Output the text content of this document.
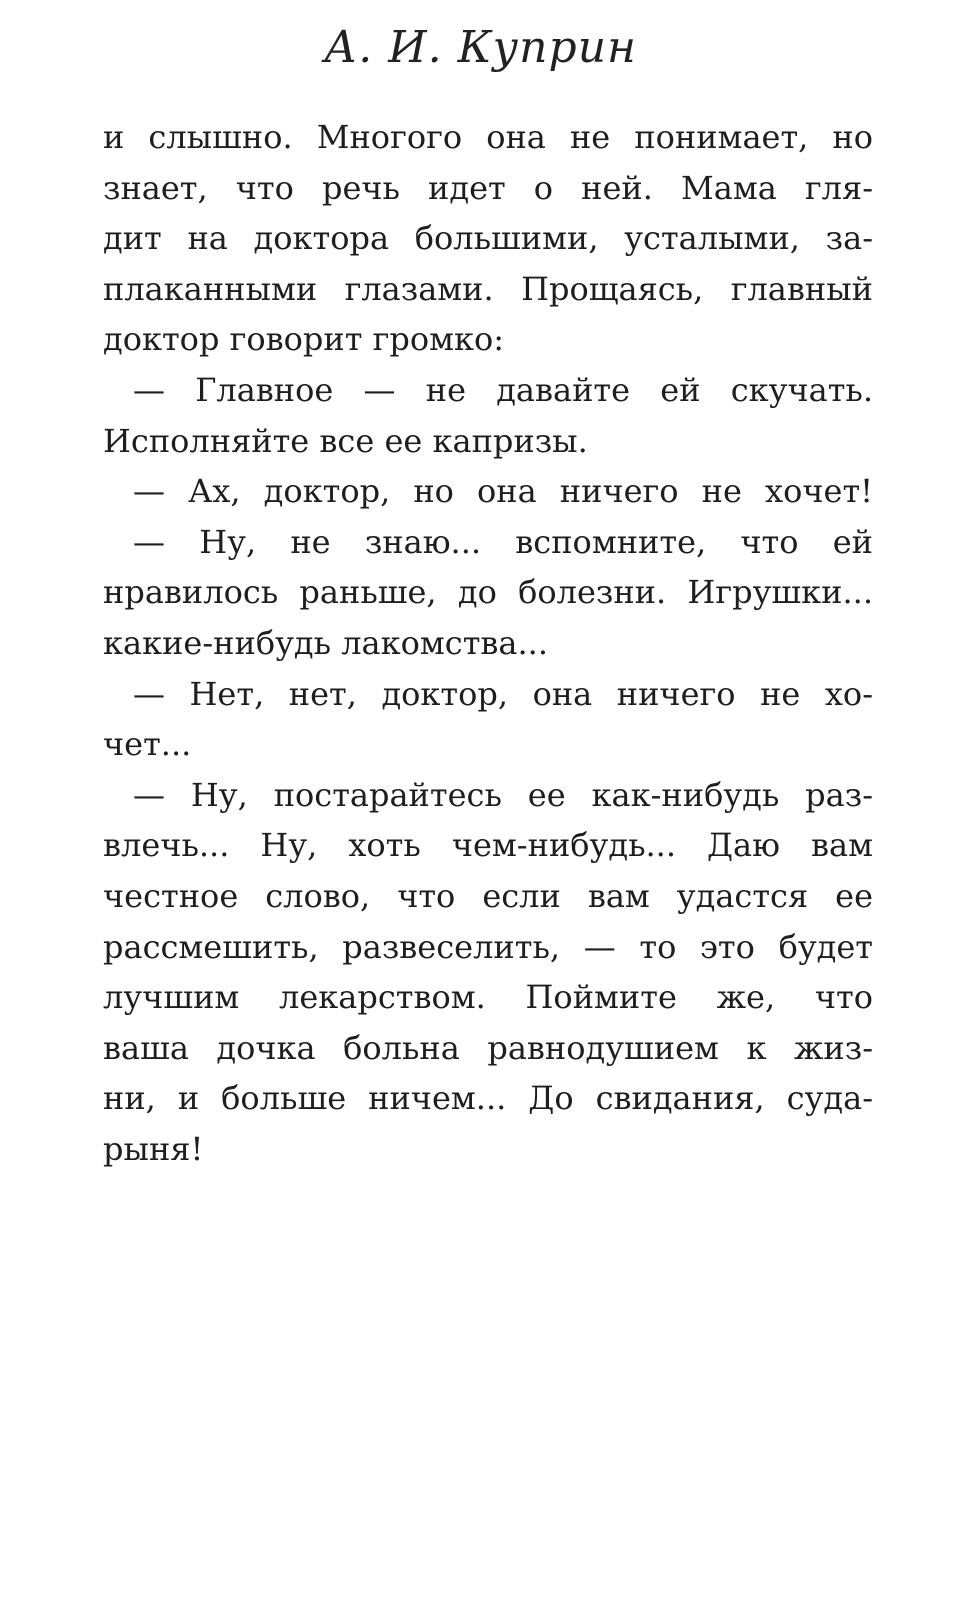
А. И. Куприн
и слышно. Многого она не понимает, но
знает, что речь идет о ней. Мама гля-
дит на доктора большими, усталыми, за-
плаканными глазами. Прощаясь, главный
доктор говорит громко:
— Главное — не давайте ей скучать.
Исполняйте все ее капризы.
— Ах, доктор, но она ничего не хочет!
— Ну, не знаю... вспомните, что ей
нравилось раньше, до болезни. Игрушки...
какие-нибудь лакомства...
— Нет, нет, доктор, она ничего не хо-
чет...
— Ну, постарайтесь ее как-нибудь раз-
влечь... Ну, хоть чем-нибудь... Даю вам
честное слово, что если вам удастся ее
рассмешить, развеселить, — то это будет
лучшим лекарством. Поймите же, что
ваша дочка больна равнодушием к жиз-
ни, и больше ничем... До свидания, суда-
рыня!
